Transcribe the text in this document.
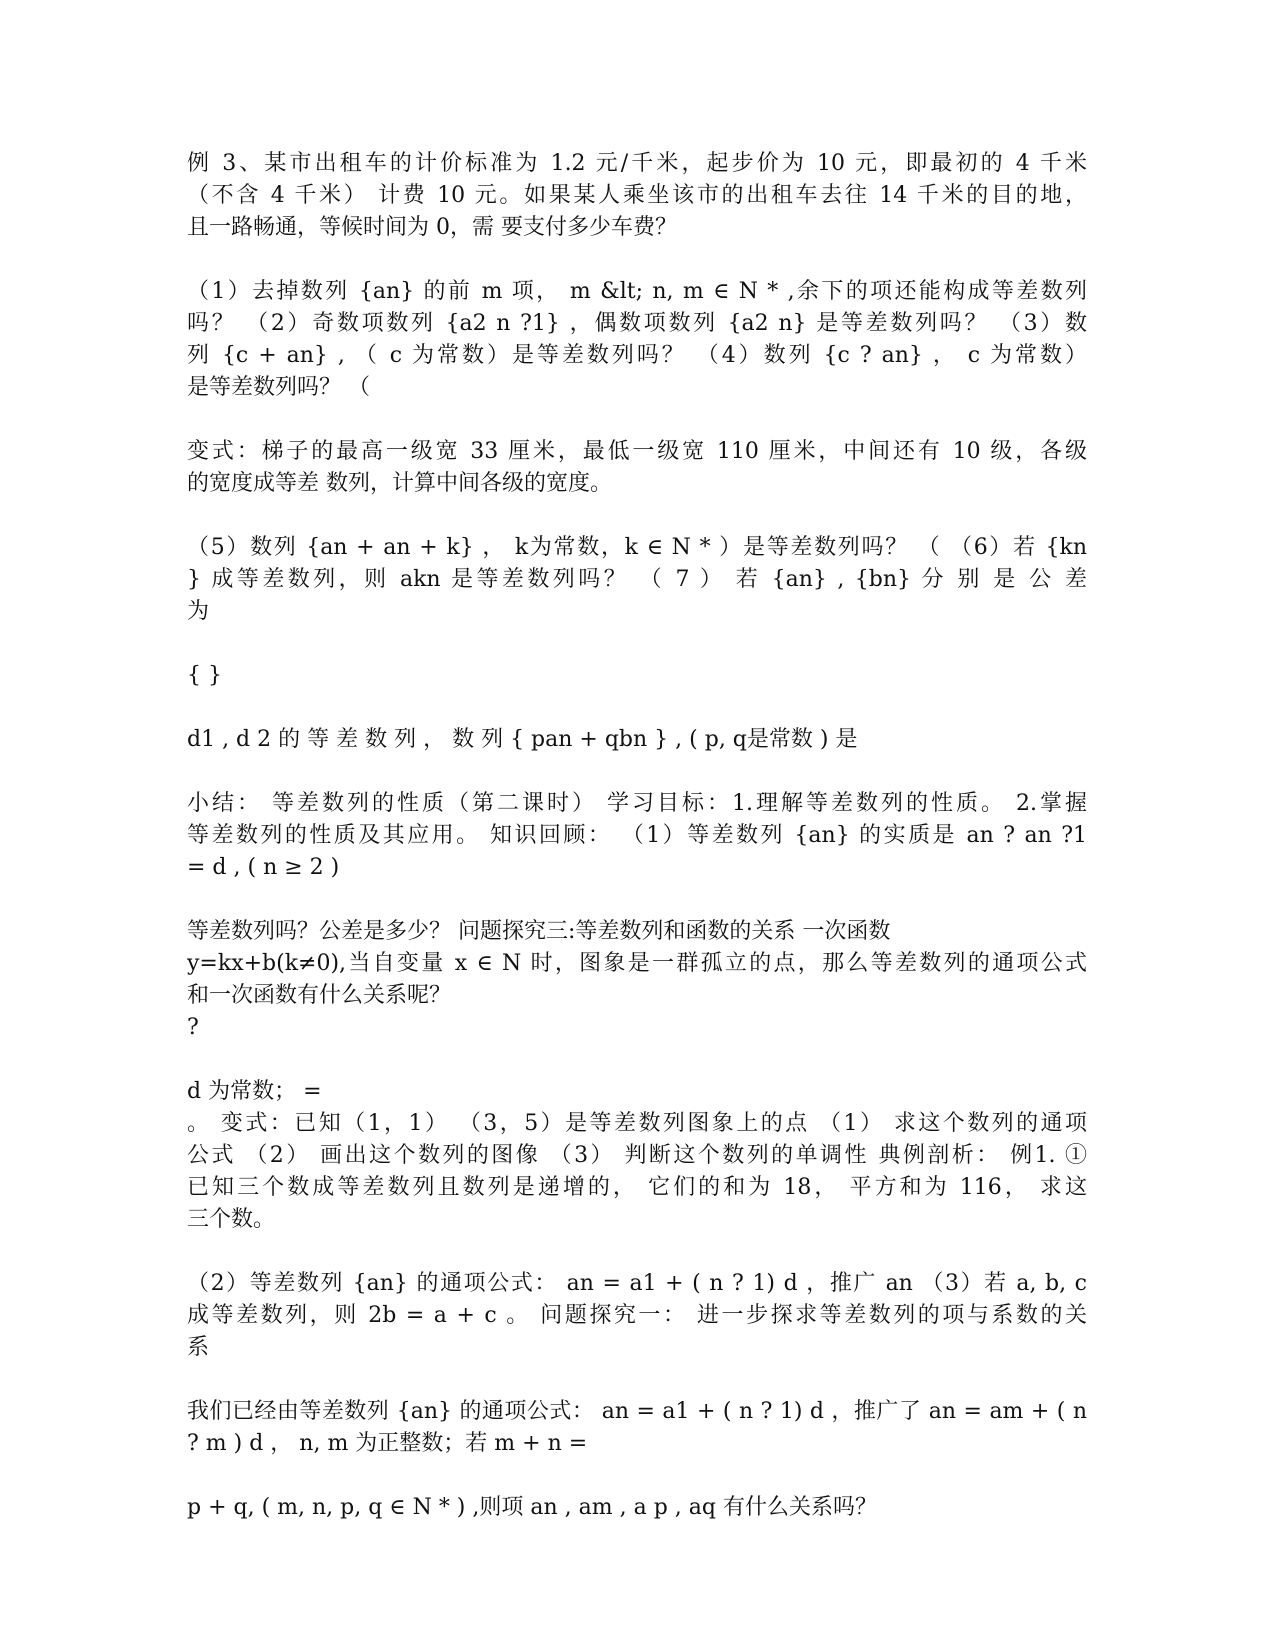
例 3、某市出租车的计价标准为 1.2 元/千米，起步价为 10 元，即最初的 4 千米
（不含 4 千米） 计费 10 元。如果某人乘坐该市的出租车去往 14 千米的目的地，
且一路畅通，等候时间为 0，需 要支付多少车费？
（1）去掉数列 {an} 的前 m 项， m &lt; n, m ∈ N * ,余下的项还能构成等差数列
吗？ （2）奇数项数列 {a2 n ?1} ，偶数项数列 {a2 n} 是等差数列吗？ （3）数
列 {c + an} , （ c 为常数）是等差数列吗？ （4）数列 {c ? an} ， c 为常数）
是等差数列吗？ （
变式：梯子的最高一级宽 33 厘米，最低一级宽 110 厘米，中间还有 10 级，各级
的宽度成等差 数列，计算中间各级的宽度。
（5）数列 {an + an + k} ， k为常数，k ∈ N * ）是等差数列吗？ （ （6）若 {kn
} 成等差数列，则 akn 是等差数列吗？ （ 7 ） 若 {an} , {bn} 分 别 是 公 差
为
{ }
d1 , d 2 的 等 差 数 列 ， 数 列 { pan + qbn } , ( p, q是常数 ) 是
小结： 等差数列的性质（第二课时） 学习目标：1.理解等差数列的性质。 2.掌握
等差数列的性质及其应用。 知识回顾： （1）等差数列 {an} 的实质是 an ? an ?1
= d , ( n ≥ 2 )
等差数列吗？公差是多少？ 问题探究三:等差数列和函数的关系 一次函数
y=kx+b(k≠0),当自变量 x ∈ N 时，图象是一群孤立的点，那么等差数列的通项公式
和一次函数有什么关系呢？
?
d 为常数； =
。 变式：已知（1，1） （3，5）是等差数列图象上的点 （1） 求这个数列的通项
公式 （2） 画出这个数列的图像 （3） 判断这个数列的单调性 典例剖析： 例1. ①
已知三个数成等差数列且数列是递增的， 它们的和为 18， 平方和为 116， 求这
三个数。
（2）等差数列 {an} 的通项公式： an = a1 + ( n ? 1) d ，推广 an （3）若 a, b, c
成等差数列，则 2b = a + c 。 问题探究一： 进一步探求等差数列的项与系数的关
系
我们已经由等差数列 {an} 的通项公式： an = a1 + ( n ? 1) d ，推广了 an = am + ( n
? m ) d ， n, m 为正整数；若 m + n =
p + q, ( m, n, p, q ∈ N * ) ,则项 an , am , a p , aq 有什么关系吗？
